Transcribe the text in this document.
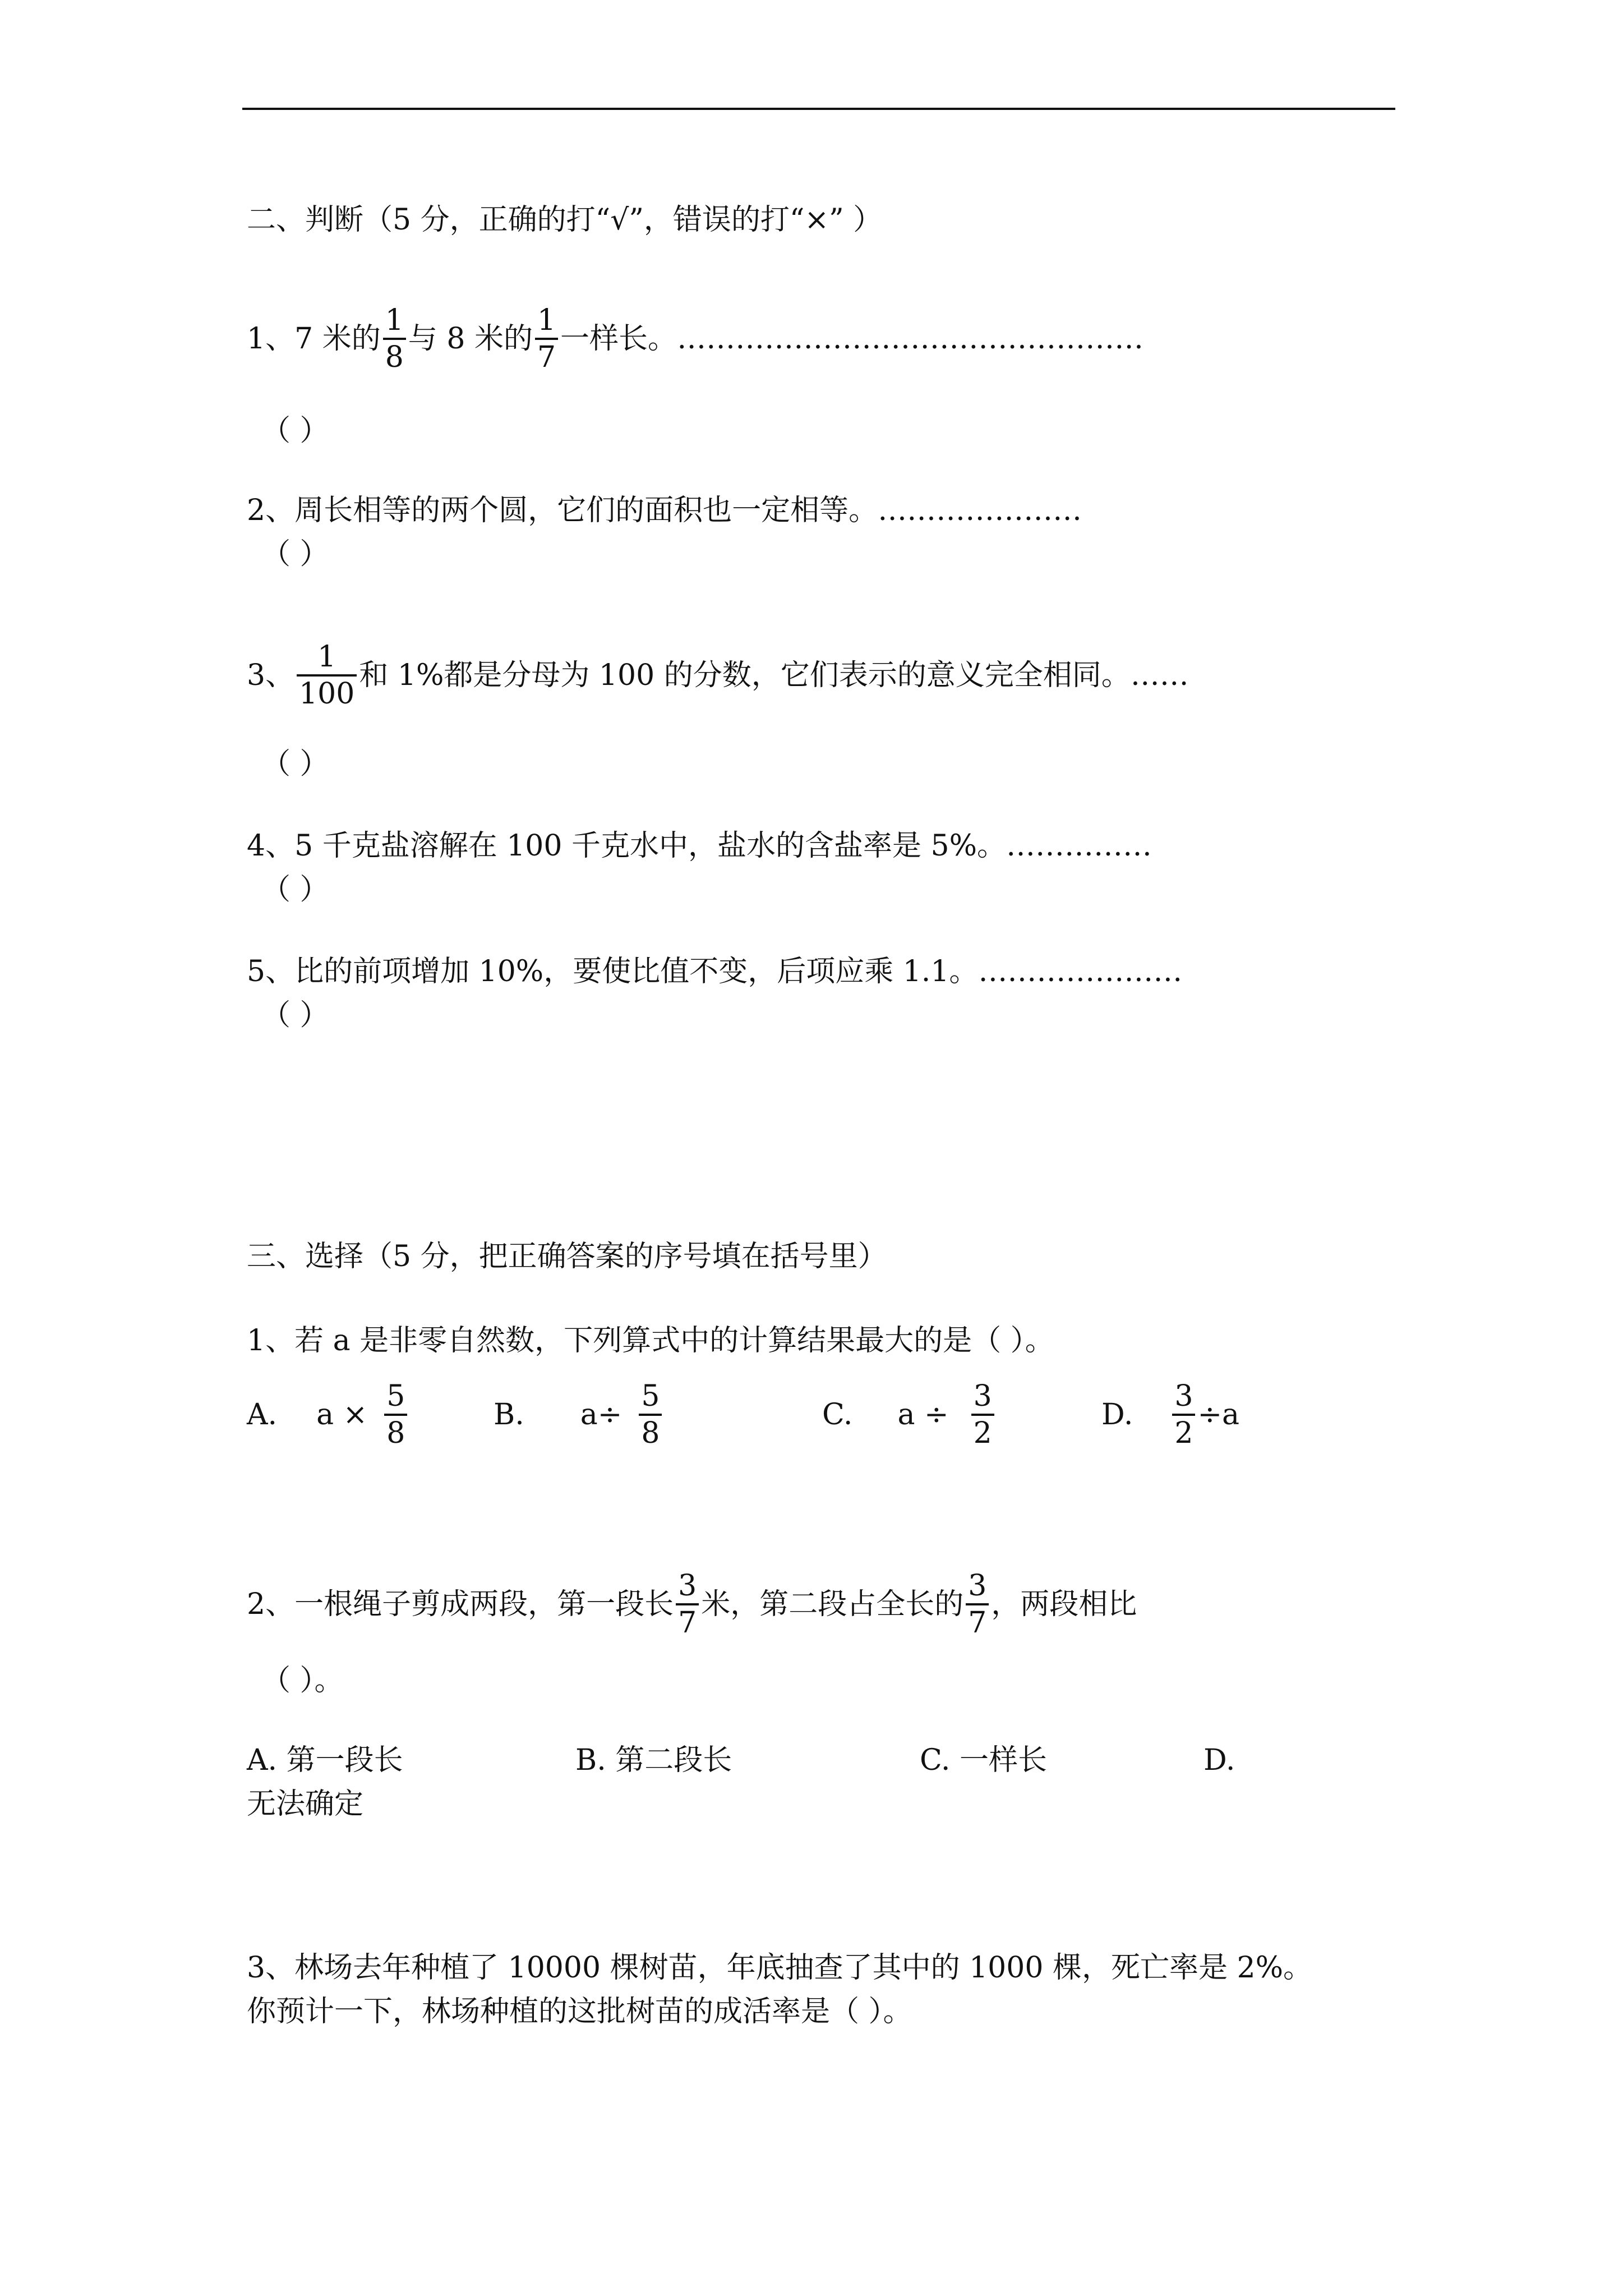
二、判断（5 分，正确的打“√”，错误的打“×” ）
1、7 米的 $\frac{1}{8}$ 与 8 米的 $\frac{1}{7}$ 一样长。…………………………………………
（ ）
2、周长相等的两个圆，它们的面积也一定相等。…………………
（ ）
3、 $\frac{1}{100}$ 和 1%都是分母为 100 的分数，它们表示的意义完全相同。……
（ ）
4、5 千克盐溶解在 100 千克水中，盐水的含盐率是 5%。……………
（ ）
5、比的前项增加 10%，要使比值不变，后项应乘 1.1。…………………
（ ）
三、选择（5 分，把正确答案的序号填在括号里）
1、若 a 是非零自然数，下列算式中的计算结果最大的是（ ）。
A. $a \times \frac{5}{8}$	B. $a\div \frac{5}{8}$	C. $a \div \frac{3}{2}$	D. $\frac{3}{2} \div a$
2、一根绳子剪成两段，第一段长 $\frac{3}{7}$ 米，第二段占全长的 $\frac{3}{7}$ ，两段相比
（ ）。
A. 第一段长	B. 第二段长	C. 一样长	D.
无法确定
3、林场去年种植了 10000 棵树苗，年底抽查了其中的 1000 棵，死亡率是 2%。
你预计一下，林场种植的这批树苗的成活率是（ ）。
